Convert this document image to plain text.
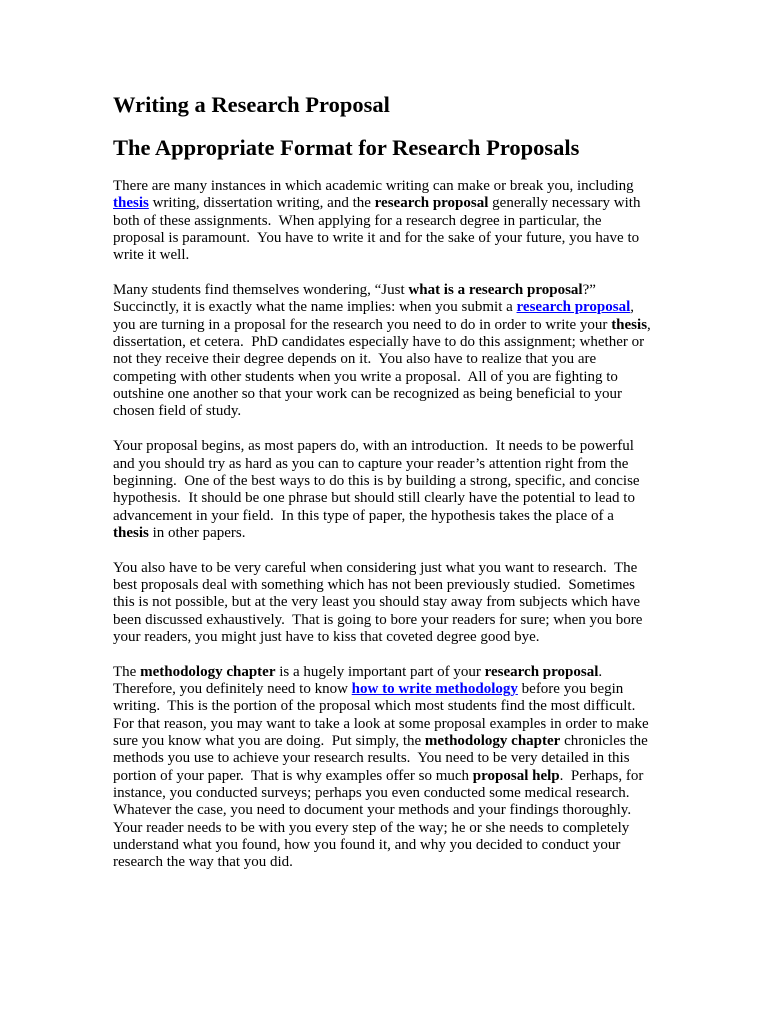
Writing a Research Proposal
The Appropriate Format for Research Proposals
There are many instances in which academic writing can make or break you, including
thesis writing, dissertation writing, and the research proposal generally necessary with
both of these assignments.  When applying for a research degree in particular, the
proposal is paramount.  You have to write it and for the sake of your future, you have to
write it well.
Many students find themselves wondering, “Just what is a research proposal?”
Succinctly, it is exactly what the name implies: when you submit a research proposal,
you are turning in a proposal for the research you need to do in order to write your thesis,
dissertation, et cetera.  PhD candidates especially have to do this assignment; whether or
not they receive their degree depends on it.  You also have to realize that you are
competing with other students when you write a proposal.  All of you are fighting to
outshine one another so that your work can be recognized as being beneficial to your
chosen field of study.
Your proposal begins, as most papers do, with an introduction.  It needs to be powerful
and you should try as hard as you can to capture your reader’s attention right from the
beginning.  One of the best ways to do this is by building a strong, specific, and concise
hypothesis.  It should be one phrase but should still clearly have the potential to lead to
advancement in your field.  In this type of paper, the hypothesis takes the place of a
thesis in other papers.
You also have to be very careful when considering just what you want to research.  The
best proposals deal with something which has not been previously studied.  Sometimes
this is not possible, but at the very least you should stay away from subjects which have
been discussed exhaustively.  That is going to bore your readers for sure; when you bore
your readers, you might just have to kiss that coveted degree good bye.
The methodology chapter is a hugely important part of your research proposal.
Therefore, you definitely need to know how to write methodology before you begin
writing.  This is the portion of the proposal which most students find the most difficult.
For that reason, you may want to take a look at some proposal examples in order to make
sure you know what you are doing.  Put simply, the methodology chapter chronicles the
methods you use to achieve your research results.  You need to be very detailed in this
portion of your paper.  That is why examples offer so much proposal help.  Perhaps, for
instance, you conducted surveys; perhaps you even conducted some medical research.
Whatever the case, you need to document your methods and your findings thoroughly.
Your reader needs to be with you every step of the way; he or she needs to completely
understand what you found, how you found it, and why you decided to conduct your
research the way that you did.
